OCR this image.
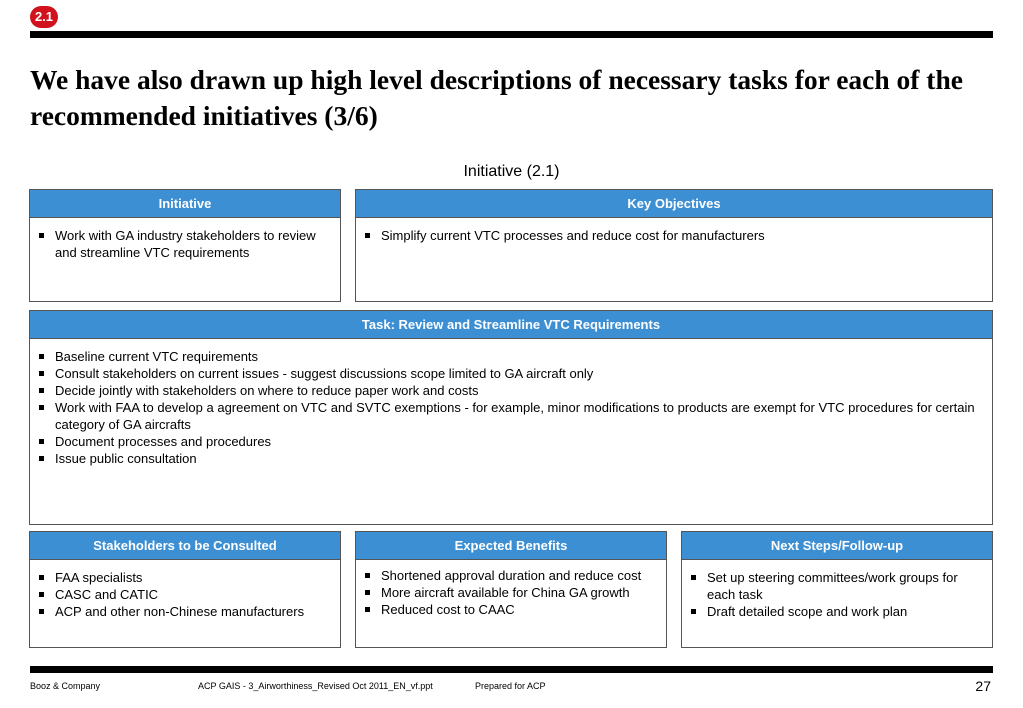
2.1
We have also drawn up high level descriptions of necessary tasks for each of the recommended initiatives (3/6)
Initiative (2.1)
Initiative
Work with GA industry stakeholders to review and streamline VTC requirements
Key Objectives
Simplify current VTC processes and reduce cost for manufacturers
Task: Review and Streamline VTC Requirements
Baseline current VTC requirements
Consult stakeholders on current issues - suggest discussions scope limited to GA aircraft only
Decide jointly with stakeholders on where to reduce paper work and costs
Work with FAA to develop a agreement on VTC and SVTC exemptions - for example, minor modifications to products are exempt for VTC procedures for certain category of GA aircrafts
Document processes and procedures
Issue public consultation
Stakeholders to be Consulted
FAA specialists
CASC and CATIC
ACP and other non-Chinese manufacturers
Expected Benefits
Shortened approval duration and reduce cost
More aircraft available for China GA growth
Reduced cost to CAAC
Next Steps/Follow-up
Set up steering committees/work groups for each task
Draft detailed scope and work plan
Booz & Company	ACP GAIS - 3_Airworthiness_Revised Oct 2011_EN_vf.ppt	Prepared for ACP	27
